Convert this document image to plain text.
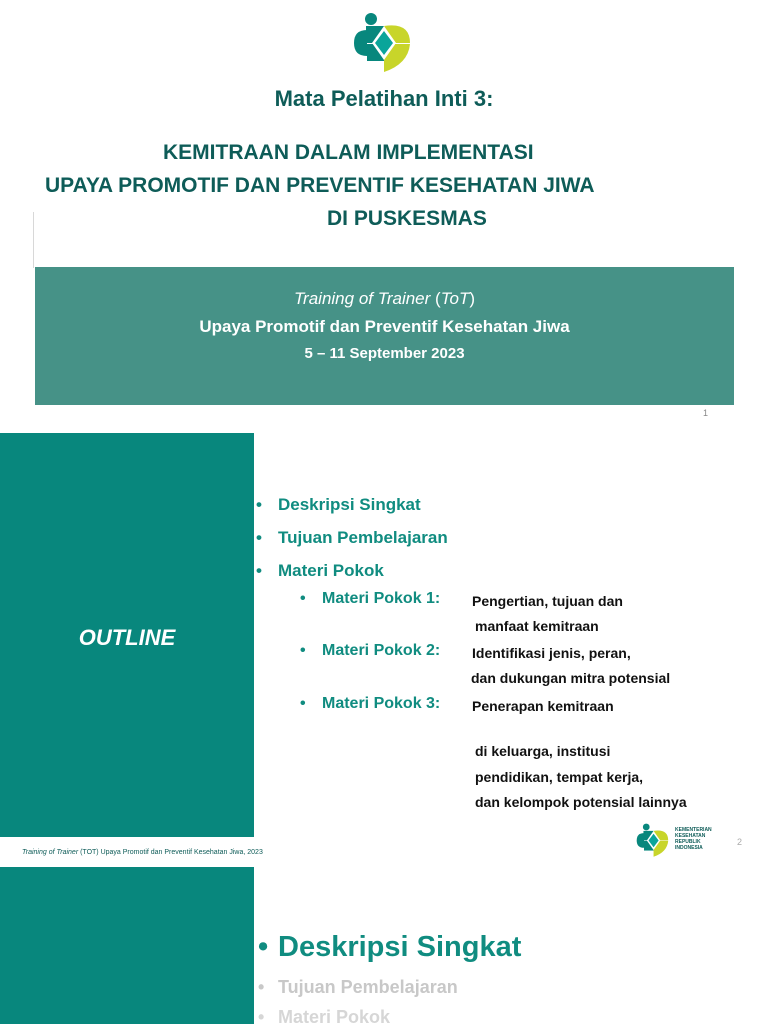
Mata Pelatihan Inti 3:
KEMITRAAN DALAM IMPLEMENTASI
UPAYA PROMOTIF DAN PREVENTIF KESEHATAN JIWA
DI PUSKESMAS
Training of Trainer (ToT)
Upaya Promotif dan Preventif Kesehatan Jiwa
5 – 11 September 2023
1
OUTLINE
• Deskripsi Singkat
• Tujuan Pembelajaran
• Materi Pokok
• Materi Pokok 1: Pengertian, tujuan dan
manfaat kemitraan
• Materi Pokok 2: Identifikasi jenis, peran,
dan dukungan mitra potensial
• Materi Pokok 3: Penerapan kemitraan
di keluarga, institusi
pendidikan, tempat kerja,
dan kelompok potensial lainnya
Training of Trainer (TOT) Upaya Promotif dan Preventif Kesehatan Jiwa, 2023
KEMENTERIAN
KESEHATAN
REPUBLIK
INDONESIA
2
• Deskripsi Singkat
• Tujuan Pembelajaran
• Materi Pokok
